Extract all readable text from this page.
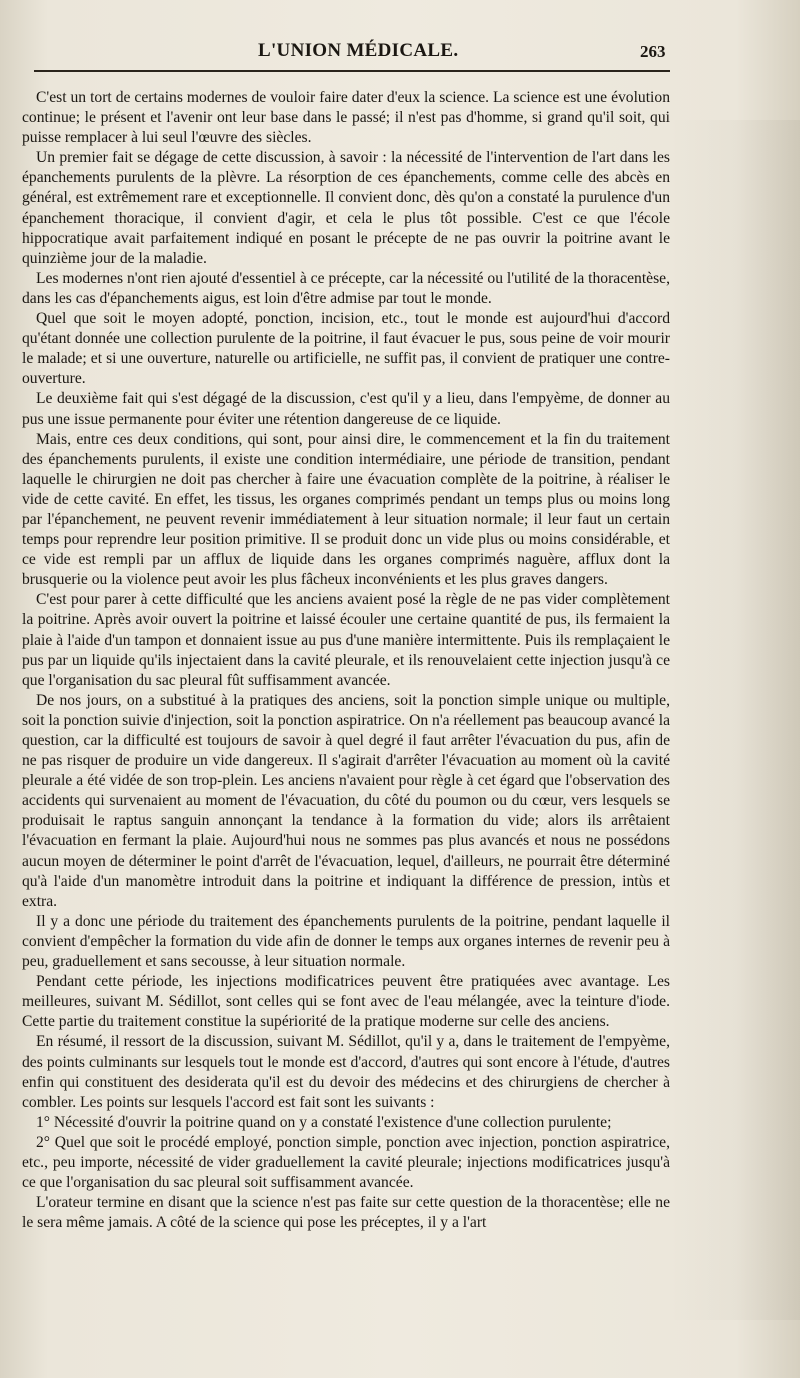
L'UNION MÉDICALE.	263

C'est un tort de certains modernes de vouloir faire dater d'eux la science. La science est une évolution continue; le présent et l'avenir ont leur base dans le passé; il n'est pas d'homme, si grand qu'il soit, qui puisse remplacer à lui seul l'œuvre des siècles.

Un premier fait se dégage de cette discussion, à savoir : la nécessité de l'intervention de l'art dans les épanchements purulents de la plèvre. La résorption de ces épanchements, comme celle des abcès en général, est extrêmement rare et exceptionnelle. Il convient donc, dès qu'on a constaté la purulence d'un épanchement thoracique, il convient d'agir, et cela le plus tôt possible. C'est ce que l'école hippocratique avait parfaitement indiqué en posant le précepte de ne pas ouvrir la poitrine avant le quinzième jour de la maladie.

Les modernes n'ont rien ajouté d'essentiel à ce précepte, car la nécessité ou l'utilité de la thoracentèse, dans les cas d'épanchements aigus, est loin d'être admise par tout le monde.

Quel que soit le moyen adopté, ponction, incision, etc., tout le monde est aujourd'hui d'accord qu'étant donnée une collection purulente de la poitrine, il faut évacuer le pus, sous peine de voir mourir le malade; et si une ouverture, naturelle ou artificielle, ne suffit pas, il convient de pratiquer une contre-ouverture.

Le deuxième fait qui s'est dégagé de la discussion, c'est qu'il y a lieu, dans l'empyème, de donner au pus une issue permanente pour éviter une rétention dangereuse de ce liquide.

Mais, entre ces deux conditions, qui sont, pour ainsi dire, le commencement et la fin du traitement des épanchements purulents, il existe une condition intermédiaire, une période de transition, pendant laquelle le chirurgien ne doit pas chercher à faire une évacuation complète de la poitrine, à réaliser le vide de cette cavité. En effet, les tissus, les organes comprimés pendant un temps plus ou moins long par l'épanchement, ne peuvent revenir immédiatement à leur situation normale; il leur faut un certain temps pour reprendre leur position primitive. Il se produit donc un vide plus ou moins considérable, et ce vide est rempli par un afflux de liquide dans les organes comprimés naguère, afflux dont la brusquerie ou la violence peut avoir les plus fâcheux inconvénients et les plus graves dangers.

C'est pour parer à cette difficulté que les anciens avaient posé la règle de ne pas vider complètement la poitrine. Après avoir ouvert la poitrine et laissé écouler une certaine quantité de pus, ils fermaient la plaie à l'aide d'un tampon et donnaient issue au pus d'une manière intermittente. Puis ils remplaçaient le pus par un liquide qu'ils injectaient dans la cavité pleurale, et ils renouvelaient cette injection jusqu'à ce que l'organisation du sac pleural fût suffisamment avancée.

De nos jours, on a substitué à la pratiques des anciens, soit la ponction simple unique ou multiple, soit la ponction suivie d'injection, soit la ponction aspiratrice. On n'a réellement pas beaucoup avancé la question, car la difficulté est toujours de savoir à quel degré il faut arrêter l'évacuation du pus, afin de ne pas risquer de produire un vide dangereux. Il s'agirait d'arrêter l'évacuation au moment où la cavité pleurale a été vidée de son trop-plein. Les anciens n'avaient pour règle à cet égard que l'observation des accidents qui survenaient au moment de l'évacuation, du côté du poumon ou du cœur, vers lesquels se produisait le raptus sanguin annonçant la tendance à la formation du vide; alors ils arrêtaient l'évacuation en fermant la plaie. Aujourd'hui nous ne sommes pas plus avancés et nous ne possédons aucun moyen de déterminer le point d'arrêt de l'évacuation, lequel, d'ailleurs, ne pourrait être déterminé qu'à l'aide d'un manomètre introduit dans la poitrine et indiquant la différence de pression, intùs et extra.

Il y a donc une période du traitement des épanchements purulents de la poitrine, pendant laquelle il convient d'empêcher la formation du vide afin de donner le temps aux organes internes de revenir peu à peu, graduellement et sans secousse, à leur situation normale.

Pendant cette période, les injections modificatrices peuvent être pratiquées avec avantage. Les meilleures, suivant M. Sédillot, sont celles qui se font avec de l'eau mélangée, avec la teinture d'iode. Cette partie du traitement constitue la supériorité de la pratique moderne sur celle des anciens.

En résumé, il ressort de la discussion, suivant M. Sédillot, qu'il y a, dans le traitement de l'empyème, des points culminants sur lesquels tout le monde est d'accord, d'autres qui sont encore à l'étude, d'autres enfin qui constituent des desiderata qu'il est du devoir des médecins et des chirurgiens de chercher à combler. Les points sur lesquels l'accord est fait sont les suivants :

1° Nécessité d'ouvrir la poitrine quand on y a constaté l'existence d'une collection purulente;

2° Quel que soit le procédé employé, ponction simple, ponction avec injection, ponction aspiratrice, etc., peu importe, nécessité de vider graduellement la cavité pleurale; injections modificatrices jusqu'à ce que l'organisation du sac pleural soit suffisamment avancée.

L'orateur termine en disant que la science n'est pas faite sur cette question de la thoracentèse; elle ne le sera même jamais. A côté de la science qui pose les préceptes, il y a l'art
